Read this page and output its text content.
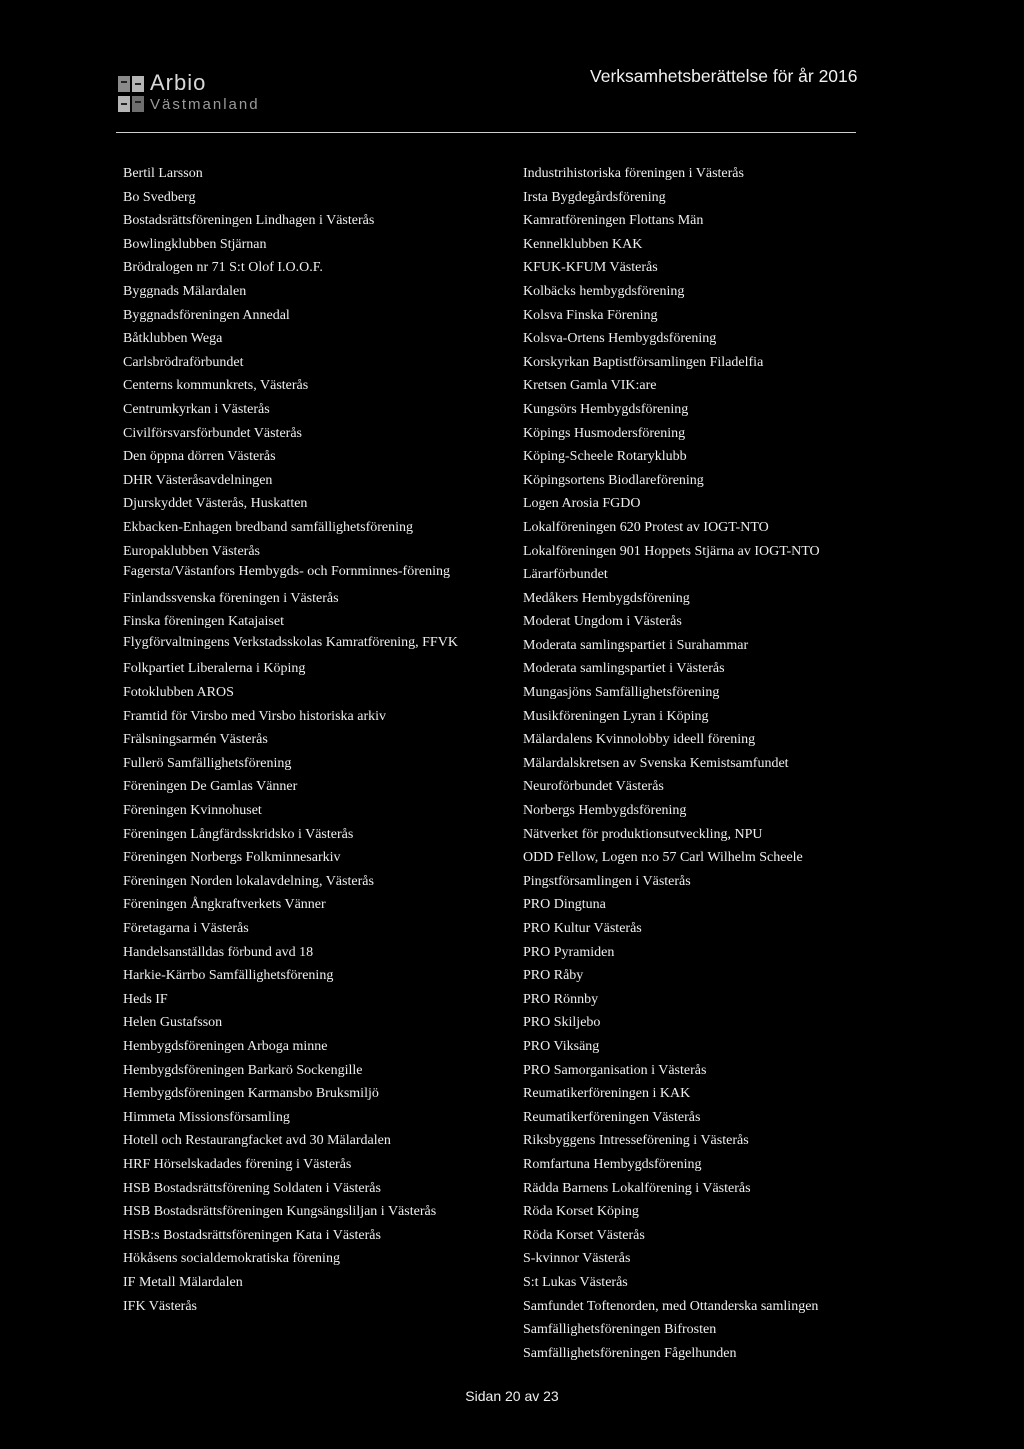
Arbio
Västmanland
Verksamhetsberättelse för år 2016
Bertil Larsson
Bo Svedberg
Bostadsrättsföreningen Lindhagen i Västerås
Bowlingklubben Stjärnan
Brödralogen nr 71 S:t Olof I.O.O.F.
Byggnads Mälardalen
Byggnadsföreningen Annedal
Båtklubben Wega
Carlsbrödraförbundet
Centerns kommunkrets, Västerås
Centrumkyrkan i Västerås
Civilförsvarsförbundet Västerås
Den öppna dörren Västerås
DHR Västeråsavdelningen
Djurskyddet Västerås, Huskatten
Ekbacken-Enhagen bredband samfällighetsförening
Europaklubben Västerås
Fagersta/Västanfors Hembygds- och Fornminnes-förening
Finlandssvenska föreningen i Västerås
Finska föreningen Katajaiset
Flygförvaltningens Verkstadsskolas Kamratförening, FFVK
Folkpartiet Liberalerna i Köping
Fotoklubben AROS
Framtid för Virsbo med Virsbo historiska arkiv
Frälsningsarmén Västerås
Fullerö Samfällighetsförening
Föreningen De Gamlas Vänner
Föreningen Kvinnohuset
Föreningen Långfärdsskridsko i Västerås
Föreningen Norbergs Folkminnesarkiv
Föreningen Norden lokalavdelning, Västerås
Föreningen Ångkraftverkets Vänner
Företagarna i Västerås
Handelsanställdas förbund avd 18
Harkie-Kärrbo Samfällighetsförening
Heds IF
Helen Gustafsson
Hembygdsföreningen Arboga minne
Hembygdsföreningen Barkarö Sockengille
Hembygdsföreningen Karmansbo Bruksmiljö
Himmeta Missionsförsamling
Hotell och Restaurangfacket avd 30 Mälardalen
HRF Hörselskadades förening i Västerås
HSB Bostadsrättsförening Soldaten i Västerås
HSB Bostadsrättsföreningen Kungsängsliljan i Västerås
HSB:s Bostadsrättsföreningen Kata i Västerås
Hökåsens socialdemokratiska förening
IF Metall Mälardalen
IFK Västerås
Industrihistoriska föreningen i Västerås
Irsta Bygdegårdsförening
Kamratföreningen Flottans Män
Kennelklubben KAK
KFUK-KFUM Västerås
Kolbäcks hembygdsförening
Kolsva Finska Förening
Kolsva-Ortens Hembygdsförening
Korskyrkan Baptistförsamlingen Filadelfia
Kretsen Gamla VIK:are
Kungsörs Hembygdsförening
Köpings Husmodersförening
Köping-Scheele Rotaryklubb
Köpingsortens Biodlareförening
Logen Arosia FGDO
Lokalföreningen 620 Protest av IOGT-NTO
Lokalföreningen 901 Hoppets Stjärna av IOGT-NTO
Lärarförbundet
Medåkers Hembygdsförening
Moderat Ungdom i Västerås
Moderata samlingspartiet i Surahammar
Moderata samlingspartiet i Västerås
Mungasjöns Samfällighetsförening
Musikföreningen Lyran i Köping
Mälardalens Kvinnolobby ideell förening
Mälardalskretsen av Svenska Kemistsamfundet
Neuroförbundet Västerås
Norbergs Hembygdsförening
Nätverket för produktionsutveckling, NPU
ODD Fellow, Logen n:o 57 Carl Wilhelm Scheele
Pingstförsamlingen i Västerås
PRO Dingtuna
PRO Kultur Västerås
PRO Pyramiden
PRO Råby
PRO Rönnby
PRO Skiljebo
PRO Viksäng
PRO Samorganisation i Västerås
Reumatikerföreningen i KAK
Reumatikerföreningen Västerås
Riksbyggens Intresseförening i Västerås
Romfartuna Hembygdsförening
Rädda Barnens Lokalförening i Västerås
Röda Korset Köping
Röda Korset Västerås
S-kvinnor Västerås
S:t Lukas Västerås
Samfundet Toftenorden, med Ottanderska samlingen
Samfällighetsföreningen Bifrosten
Samfällighetsföreningen Fågelhunden
Sidan 20 av 23
